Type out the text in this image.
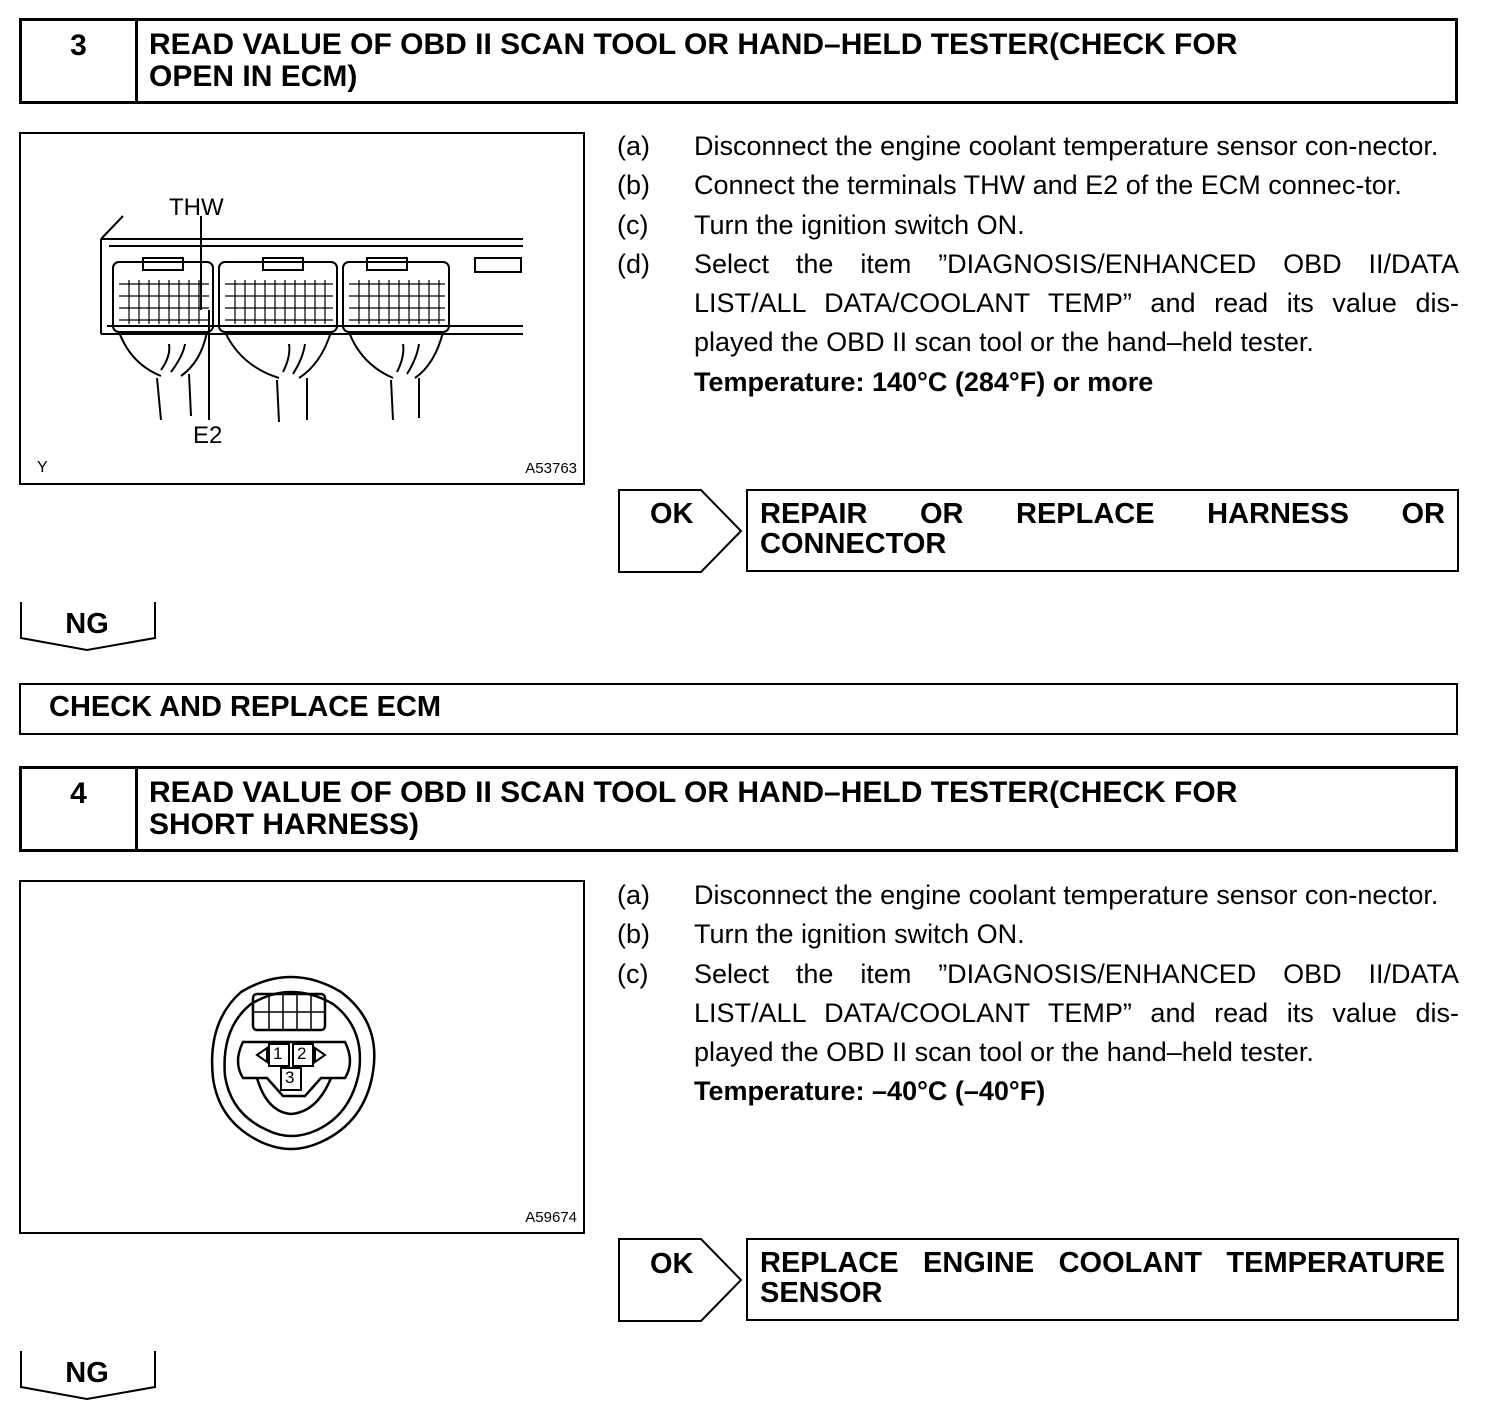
3	READ VALUE OF OBD II SCAN TOOL OR HAND–HELD TESTER(CHECK FOR
OPEN IN ECM)
THW
E2
Y	A53763
(a)	Disconnect the engine coolant temperature sensor con-nector.
(b)	Connect the terminals THW and E2 of the ECM connec-tor.
(c)	Turn the ignition switch ON.
(d)	Select the item ”DIAGNOSIS/ENHANCED OBD II/DATA LIST/ALL DATA/COOLANT TEMP” and read its value dis-played the OBD II scan tool or the hand–held tester.
Temperature: 140°C (284°F) or more
OK REPAIR OR REPLACE HARNESS OR
CONNECTOR
NG
CHECK AND REPLACE ECM
4	READ VALUE OF OBD II SCAN TOOL OR HAND–HELD TESTER(CHECK FOR
SHORT HARNESS)
1 2
3
A59674
(a)	Disconnect the engine coolant temperature sensor con-nector.
(b)	Turn the ignition switch ON.
(c)	Select the item ”DIAGNOSIS/ENHANCED OBD II/DATA LIST/ALL DATA/COOLANT TEMP” and read its value dis-played the OBD II scan tool or the hand–held tester.
Temperature: –40°C (–40°F)
OK REPLACE ENGINE COOLANT TEMPERATURE
SENSOR
NG
